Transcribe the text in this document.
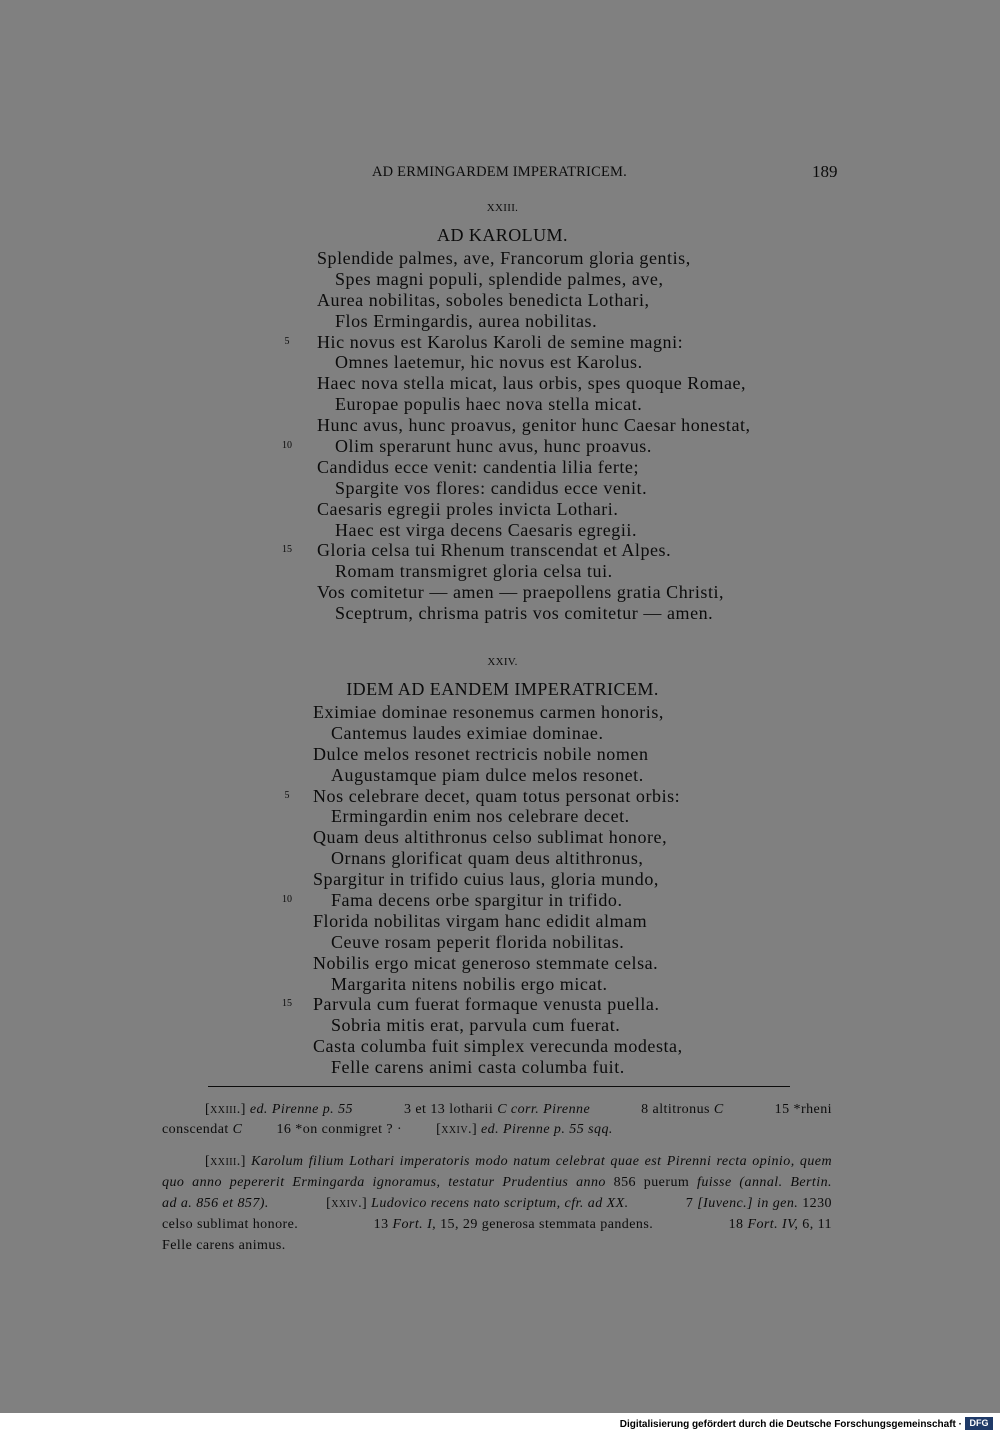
AD ERMINGARDEM IMPERATRICEM.	189
XXIII.
AD KAROLUM.
Splendide palmes, ave, Francorum gloria gentis,
Spes magni populi, splendide palmes, ave,
Aurea nobilitas, soboles benedicta Lothari,
Flos Ermingardis, aurea nobilitas.
5	Hic novus est Karolus Karoli de semine magni:
Omnes laetemur, hic novus est Karolus.
Haec nova stella micat, laus orbis, spes quoque Romae,
Europae populis haec nova stella micat.
Hunc avus, hunc proavus, genitor hunc Caesar honestat,
10 Olim sperarunt hunc avus, hunc proavus.
Candidus ecce venit: candentia lilia ferte;
Spargite vos flores: candidus ecce venit.
Caesaris egregii proles invicta Lothari.
Haec est virga decens Caesaris egregii.
15 Gloria celsa tui Rhenum transcendat et Alpes.
Romam transmigret gloria celsa tui.
Vos comitetur — amen — praepollens gratia Christi,
Sceptrum, chrisma patris vos comitetur — amen.
XXIV.
IDEM AD EANDEM IMPERATRICEM.
Eximiae dominae resonemus carmen honoris,
Cantemus laudes eximiae dominae.
Dulce melos resonet rectricis nobile nomen
Augustamque piam dulce melos resonet.
5	Nos celebrare decet, quam totus personat orbis:
Ermingardin enim nos celebrare decet.
Quam deus altithronus celso sublimat honore,
Ornans glorificat quam deus altithronus,
Spargitur in trifido cuius laus, gloria mundo,
10 Fama decens orbe spargitur in trifido.
Florida nobilitas virgam hanc edidit almam
Ceuve rosam peperit florida nobilitas.
Nobilis ergo micat generoso stemmate celsa.
Margarita nitens nobilis ergo micat.
15 Parvula cum fuerat formaque venusta puella.
Sobria mitis erat, parvula cum fuerat.
Casta columba fuit simplex verecunda modesta,
Felle carens animi casta columba fuit.
[xxiii.] ed. Pirenne p. 55	3 et 13 lotharii C corr. Pirenne	8 altitronus C	15 *rheni
conscendat C 16 *on conmigret ? · [xxiv.] ed. Pirenne p. 55 sqq.
[xxiii.] Karolum filium Lothari imperatoris modo natum celebrat quae est Pirenni recta opinio, quem
quo anno pepererit Ermingarda ignoramus, testatur Prudentius anno 856 puerum fuisse (annal. Bertin.
ad a. 856 et 857).	[xxiv.] Ludovico recens nato scriptum, cfr. ad XX.	7 [Iuvenc.] in gen. 1230
celso sublimat honore.	13 Fort. I, 15, 29 generosa stemmata pandens.	18 Fort. IV, 6, 11
Felle carens animus.
Digitalisierung gefördert durch die Deutsche Forschungsgemeinschaft · DFG
